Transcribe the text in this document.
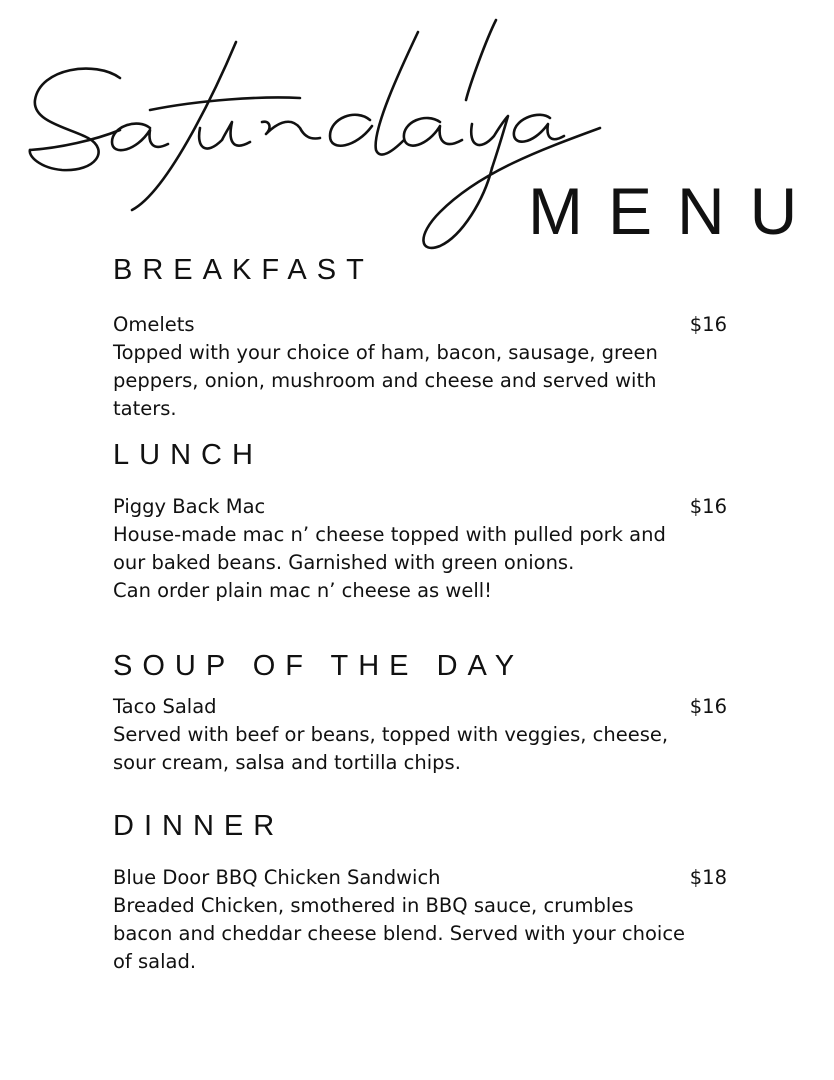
MENU
BREAKFAST
Omelets	$16

Topped with your choice of ham, bacon, sausage, green
peppers, onion, mushroom and cheese and served with
taters.

LUNCH
Piggy Back Mac	$16

House-made mac n’ cheese topped with pulled pork and
our baked beans. Garnished with green onions.
Can order plain mac n’ cheese as well!

SOUP OF THE DAY
Taco Salad	$16

Served with beef or beans, topped with veggies, cheese,
sour cream, salsa and tortilla chips.

DINNER
Blue Door BBQ Chicken Sandwich	$18

Breaded Chicken, smothered in BBQ sauce, crumbles
bacon and cheddar cheese blend. Served with your choice
of salad.
